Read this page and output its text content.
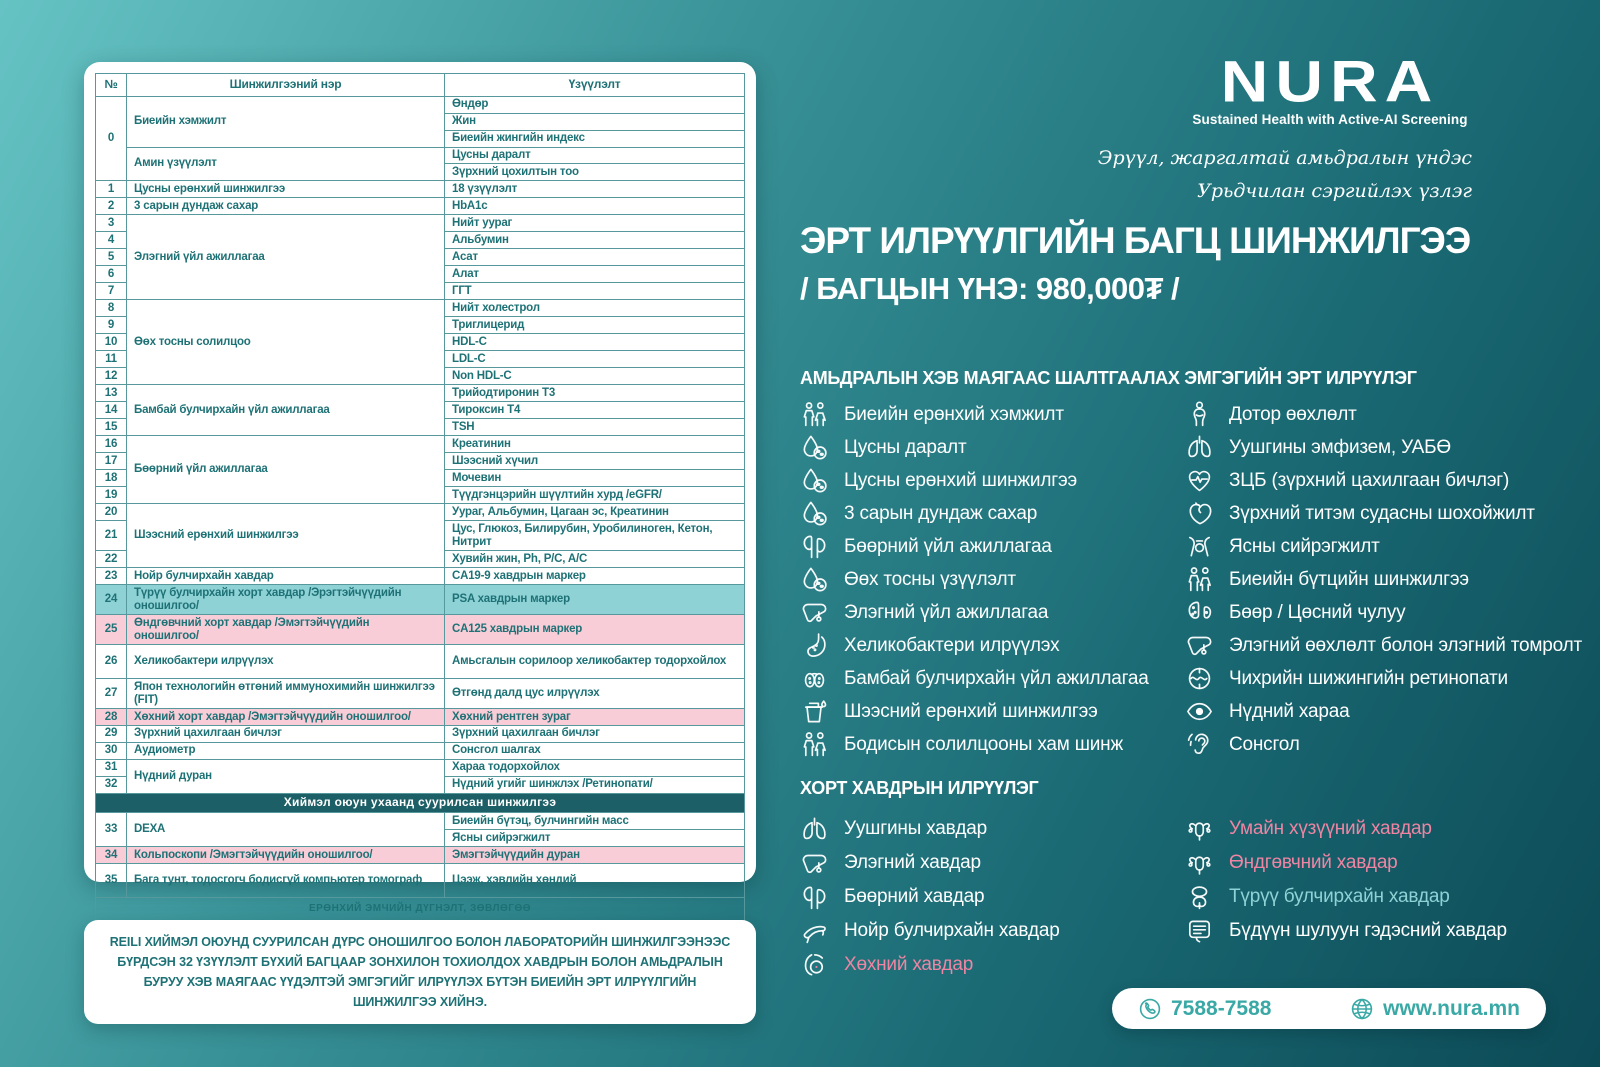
№	Шинжилгээний нэр	Үзүүлэлт
0	Биеийн хэмжилт	Өндөр
		Жин
		Биеийн жингийн индекс
	Амин үзүүлэлт	Цусны даралт
		Зүрхний цохилтын тоо
1	Цусны ерөнхий шинжилгээ	18 үзүүлэлт
2	3 сарын дундаж сахар	HbA1c
3	Элэгний үйл ажиллагаа	Нийт уураг
4		Альбумин
5		Асат
6		Алат
7		ГГТ
8	Өөх тосны солилцоо	Нийт холестрол
9		Триглицерид
10		HDL-C
11		LDL-C
12		Non HDL-C
13	Бамбай булчирхайн үйл ажиллагаа	Трийодтиронин Т3
14		Тироксин Т4
15		TSH
16	Бөөрний үйл ажиллагаа	Креатинин
17		Шээсний хүчил
18		Мочевин
19		Түүдгэнцэрийн шүүлтийн хурд /eGFR/
20	Шээсний ерөнхий шинжилгээ	Уураг, Альбумин, Цагаан эс, Креатинин
21		Цус, Глюкоз, Билирубин, Уробилиноген, Кетон, Нитрит
22		Хувийн жин, Ph, P/C, A/C
23	Нойр булчирхайн хавдар	CA19-9 хавдрын маркер
24	Түрүү булчирхайн хорт хавдар /Эрэгтэйчүүдийн оношилгоо/	PSA хавдрын маркер
25	Өндгөвчний хорт хавдар /Эмэгтэйчүүдийн оношилгоо/	CA125 хавдрын маркер
26	Хеликобактери илрүүлэх	Амьсгалын сорилоор хеликобактер тодорхойлох
27	Япон технологийн өтгөний иммунохимийн шинжилгээ (FIT)	Өтгөнд далд цус илрүүлэх
28	Хөхний хорт хавдар /Эмэгтэйчүүдийн оношилгоо/	Хөхний рентген зураг
29	Зүрхний цахилгаан бичлэг	Зүрхний цахилгаан бичлэг
30	Аудиометр	Сонсгол шалгах
31	Нүдний дуран	Хараа тодорхойлох
32		Нүдний угийг шинжлэх /Ретинопати/
Хиймэл оюун ухаанд суурилсан шинжилгээ		
33	DEXA	Биеийн бүтэц, булчингийн масс
		Ясны сийрэгжилт
34	Кольпоскопи /Эмэгтэйчүүдийн оношилгоо/	Эмэгтэйчүүдийн дуран
35	Бага тунт, тодосгогч бодисгүй компьютер томограф	Цээж, хэвлийн хөндий
ЕРӨНХИЙ ЭМЧИЙН ДҮГНЭЛТ, ЗӨВЛӨГӨӨ		

REILI ХИЙМЭЛ ОЮУНД СУУРИЛСАН ДҮРС ОНОШИЛГОО БОЛОН ЛАБОРАТОРИЙН ШИНЖИЛГЭЭНЭЭС БҮРДСЭН 32 ҮЗҮҮЛЭЛТ БҮХИЙ БАГЦААР ЗОНХИЛОН ТОХИОЛДОХ ХАВДРЫН БОЛОН АМЬДРАЛЫН БУРУУ ХЭВ МАЯГААС ҮҮДЭЛТЭЙ ЭМГЭГИЙГ ИЛРҮҮЛЭХ БҮТЭН БИЕИЙН ЭРТ ИЛРҮҮЛГИЙН ШИНЖИЛГЭЭ ХИЙНЭ.

NURA
Sustained Health with Active-AI Screening
Эрүүл, жаргалтай амьдралын үндэс
Урьдчилан сэргийлэх үзлэг
ЭРТ ИЛРҮҮЛГИЙН БАГЦ ШИНЖИЛГЭЭ
/ БАГЦЫН ҮНЭ: 980,000₮ /
АМЬДРАЛЫН ХЭВ МАЯГААС ШАЛТГААЛАХ ЭМГЭГИЙН ЭРТ ИЛРҮҮЛЭГ
Биеийн ерөнхий хэмжилт
Цусны даралт
Цусны ерөнхий шинжилгээ
3 сарын дундаж сахар
Бөөрний үйл ажиллагаа
Өөх тосны үзүүлэлт
Элэгний үйл ажиллагаа
Хеликобактери илрүүлэх
Бамбай булчирхайн үйл ажиллагаа
Шээсний ерөнхий шинжилгээ
Бодисын солилцооны хам шинж
Дотор өөхлөлт
Уушгины эмфизем, УАБӨ
ЗЦБ (зүрхний цахилгаан бичлэг)
Зүрхний титэм судасны шохойжилт
Ясны сийрэгжилт
Биеийн бүтцийн шинжилгээ
Бөөр / Цөсний чулуу
Элэгний өөхлөлт болон элэгний томролт
Чихрийн шижингийн ретинопати
Нүдний хараа
Сонсгол
ХОРТ ХАВДРЫН ИЛРҮҮЛЭГ
Уушгины хавдар
Элэгний хавдар
Бөөрний хавдар
Нойр булчирхайн хавдар
Хөхний хавдар
Умайн хүзүүний хавдар
Өндгөвчний хавдар
Түрүү булчирхайн хавдар
Бүдүүн шулуун гэдэсний хавдар
7588-7588	www.nura.mn
